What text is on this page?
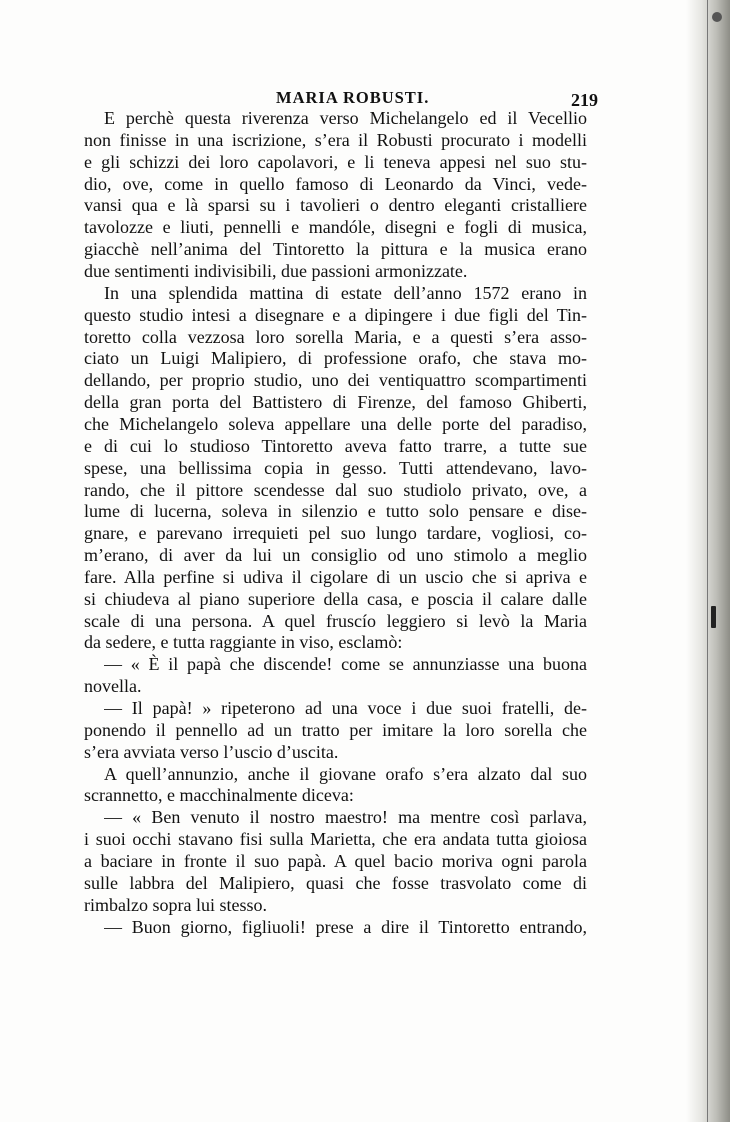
MARIA ROBUSTI.	219
E perchè questa riverenza verso Michelangelo ed il Vecellio
non finisse in una iscrizione, s’era il Robusti procurato i modelli
e gli schizzi dei loro capolavori, e li teneva appesi nel suo stu-
dio, ove, come in quello famoso di Leonardo da Vinci, vede-
vansi qua e là sparsi su i tavolieri o dentro eleganti cristalliere
tavolozze e liuti, pennelli e mandóle, disegni e fogli di musica,
giacchè nell’anima del Tintoretto la pittura e la musica erano
due sentimenti indivisibili, due passioni armonizzate.
In una splendida mattina di estate dell’anno 1572 erano in
questo studio intesi a disegnare e a dipingere i due figli del Tin-
toretto colla vezzosa loro sorella Maria, e a questi s’era asso-
ciato un Luigi Malipiero, di professione orafo, che stava mo-
dellando, per proprio studio, uno dei ventiquattro scompartimenti
della gran porta del Battistero di Firenze, del famoso Ghiberti,
che Michelangelo soleva appellare una delle porte del paradiso,
e di cui lo studioso Tintoretto aveva fatto trarre, a tutte sue
spese, una bellissima copia in gesso. Tutti attendevano, lavo-
rando, che il pittore scendesse dal suo studiolo privato, ove, a
lume di lucerna, soleva in silenzio e tutto solo pensare e dise-
gnare, e parevano irrequieti pel suo lungo tardare, vogliosi, co-
m’erano, di aver da lui un consiglio od uno stimolo a meglio
fare. Alla perfine si udiva il cigolare di un uscio che si apriva e
si chiudeva al piano superiore della casa, e poscia il calare dalle
scale di una persona. A quel fruscío leggiero si levò la Maria
da sedere, e tutta raggiante in viso, esclamò:
— « È il papà che discende! come se annunziasse una buona
novella.
— Il papà! » ripeterono ad una voce i due suoi fratelli, de-
ponendo il pennello ad un tratto per imitare la loro sorella che
s’era avviata verso l’uscio d’uscita.
A quell’annunzio, anche il giovane orafo s’era alzato dal suo
scrannetto, e macchinalmente diceva:
— « Ben venuto il nostro maestro! ma mentre così parlava,
i suoi occhi stavano fisi sulla Marietta, che era andata tutta gioiosa
a baciare in fronte il suo papà. A quel bacio moriva ogni parola
sulle labbra del Malipiero, quasi che fosse trasvolato come di
rimbalzo sopra lui stesso.
— Buon giorno, figliuoli! prese a dire il Tintoretto entrando,
